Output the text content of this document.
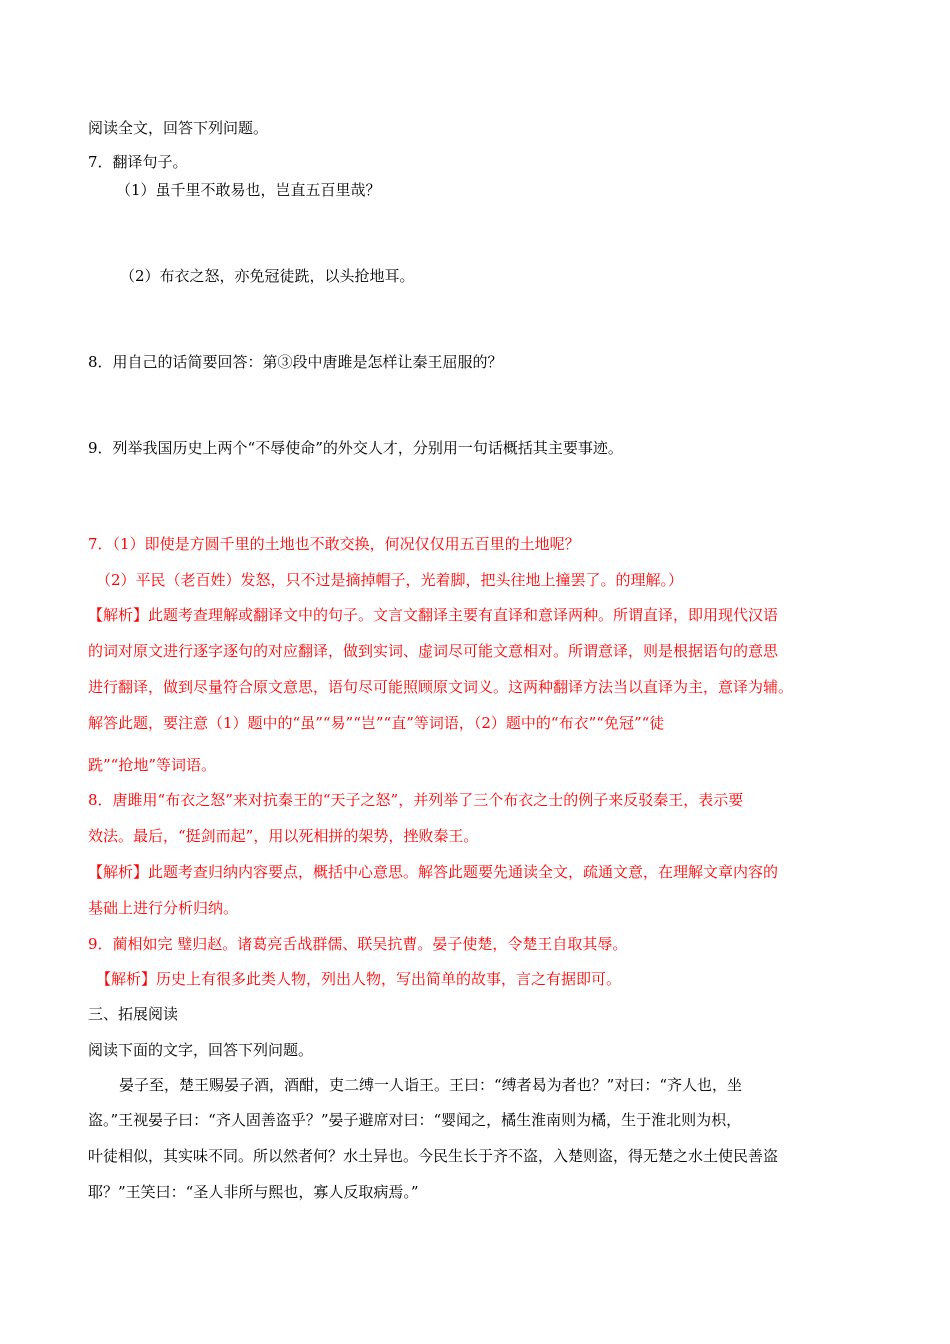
阅读全文，回答下列问题。
7．翻译句子。
（1）虽千里不敢易也，岂直五百里哉？
（2）布衣之怒，亦免冠徒跣，以头抢地耳。
8．用自己的话简要回答：第③段中唐雎是怎样让秦王屈服的？
9．列举我国历史上两个“不辱使命”的外交人才，分别用一句话概括其主要事迹。
7．（1）即使是方圆千里的土地也不敢交换，何况仅仅用五百里的土地呢？
（2）平民（老百姓）发怒，只不过是摘掉帽子，光着脚，把头往地上撞罢了。的理解。）
【解析】此题考查理解或翻译文中的句子。文言文翻译主要有直译和意译两种。所谓直译，即用现代汉语
的词对原文进行逐字逐句的对应翻译，做到实词、虚词尽可能文意相对。所谓意译，则是根据语句的意思
进行翻译，做到尽量符合原文意思，语句尽可能照顾原文词义。这两种翻译方法当以直译为主，意译为辅。
解答此题，要注意（1）题中的“虽”“易”“岂”“直”等词语，（2）题中的“布衣”“免冠”“徒
跣”“抢地”等词语。
8．唐雎用“布衣之怒”来对抗秦王的“天子之怒”，并列举了三个布衣之士的例子来反驳秦王，表示要
效法。最后，“挺剑而起”，用以死相拼的架势，挫败秦王。
【解析】此题考查归纳内容要点，概括中心意思。解答此题要先通读全文，疏通文意，在理解文章内容的
基础上进行分析归纳。
9．蔺相如完 璧归赵。诸葛亮舌战群儒、联吴抗曹。晏子使楚，令楚王自取其辱。
【解析】历史上有很多此类人物，列出人物，写出简单的故事，言之有据即可。
三、拓展阅读
阅读下面的文字，回答下列问题。
晏子至，楚王赐晏子酒，酒酣，吏二缚一人诣王。王曰：“缚者曷为者也？”对曰：“齐人也，坐
盗。”王视晏子曰：“齐人固善盗乎？”晏子避席对曰：“婴闻之，橘生淮南则为橘，生于淮北则为枳，
叶徒相似，其实味不同。所以然者何？水土异也。今民生长于齐不盗，入楚则盗，得无楚之水土使民善盗
耶？”王笑曰：“圣人非所与熙也，寡人反取病焉。”
